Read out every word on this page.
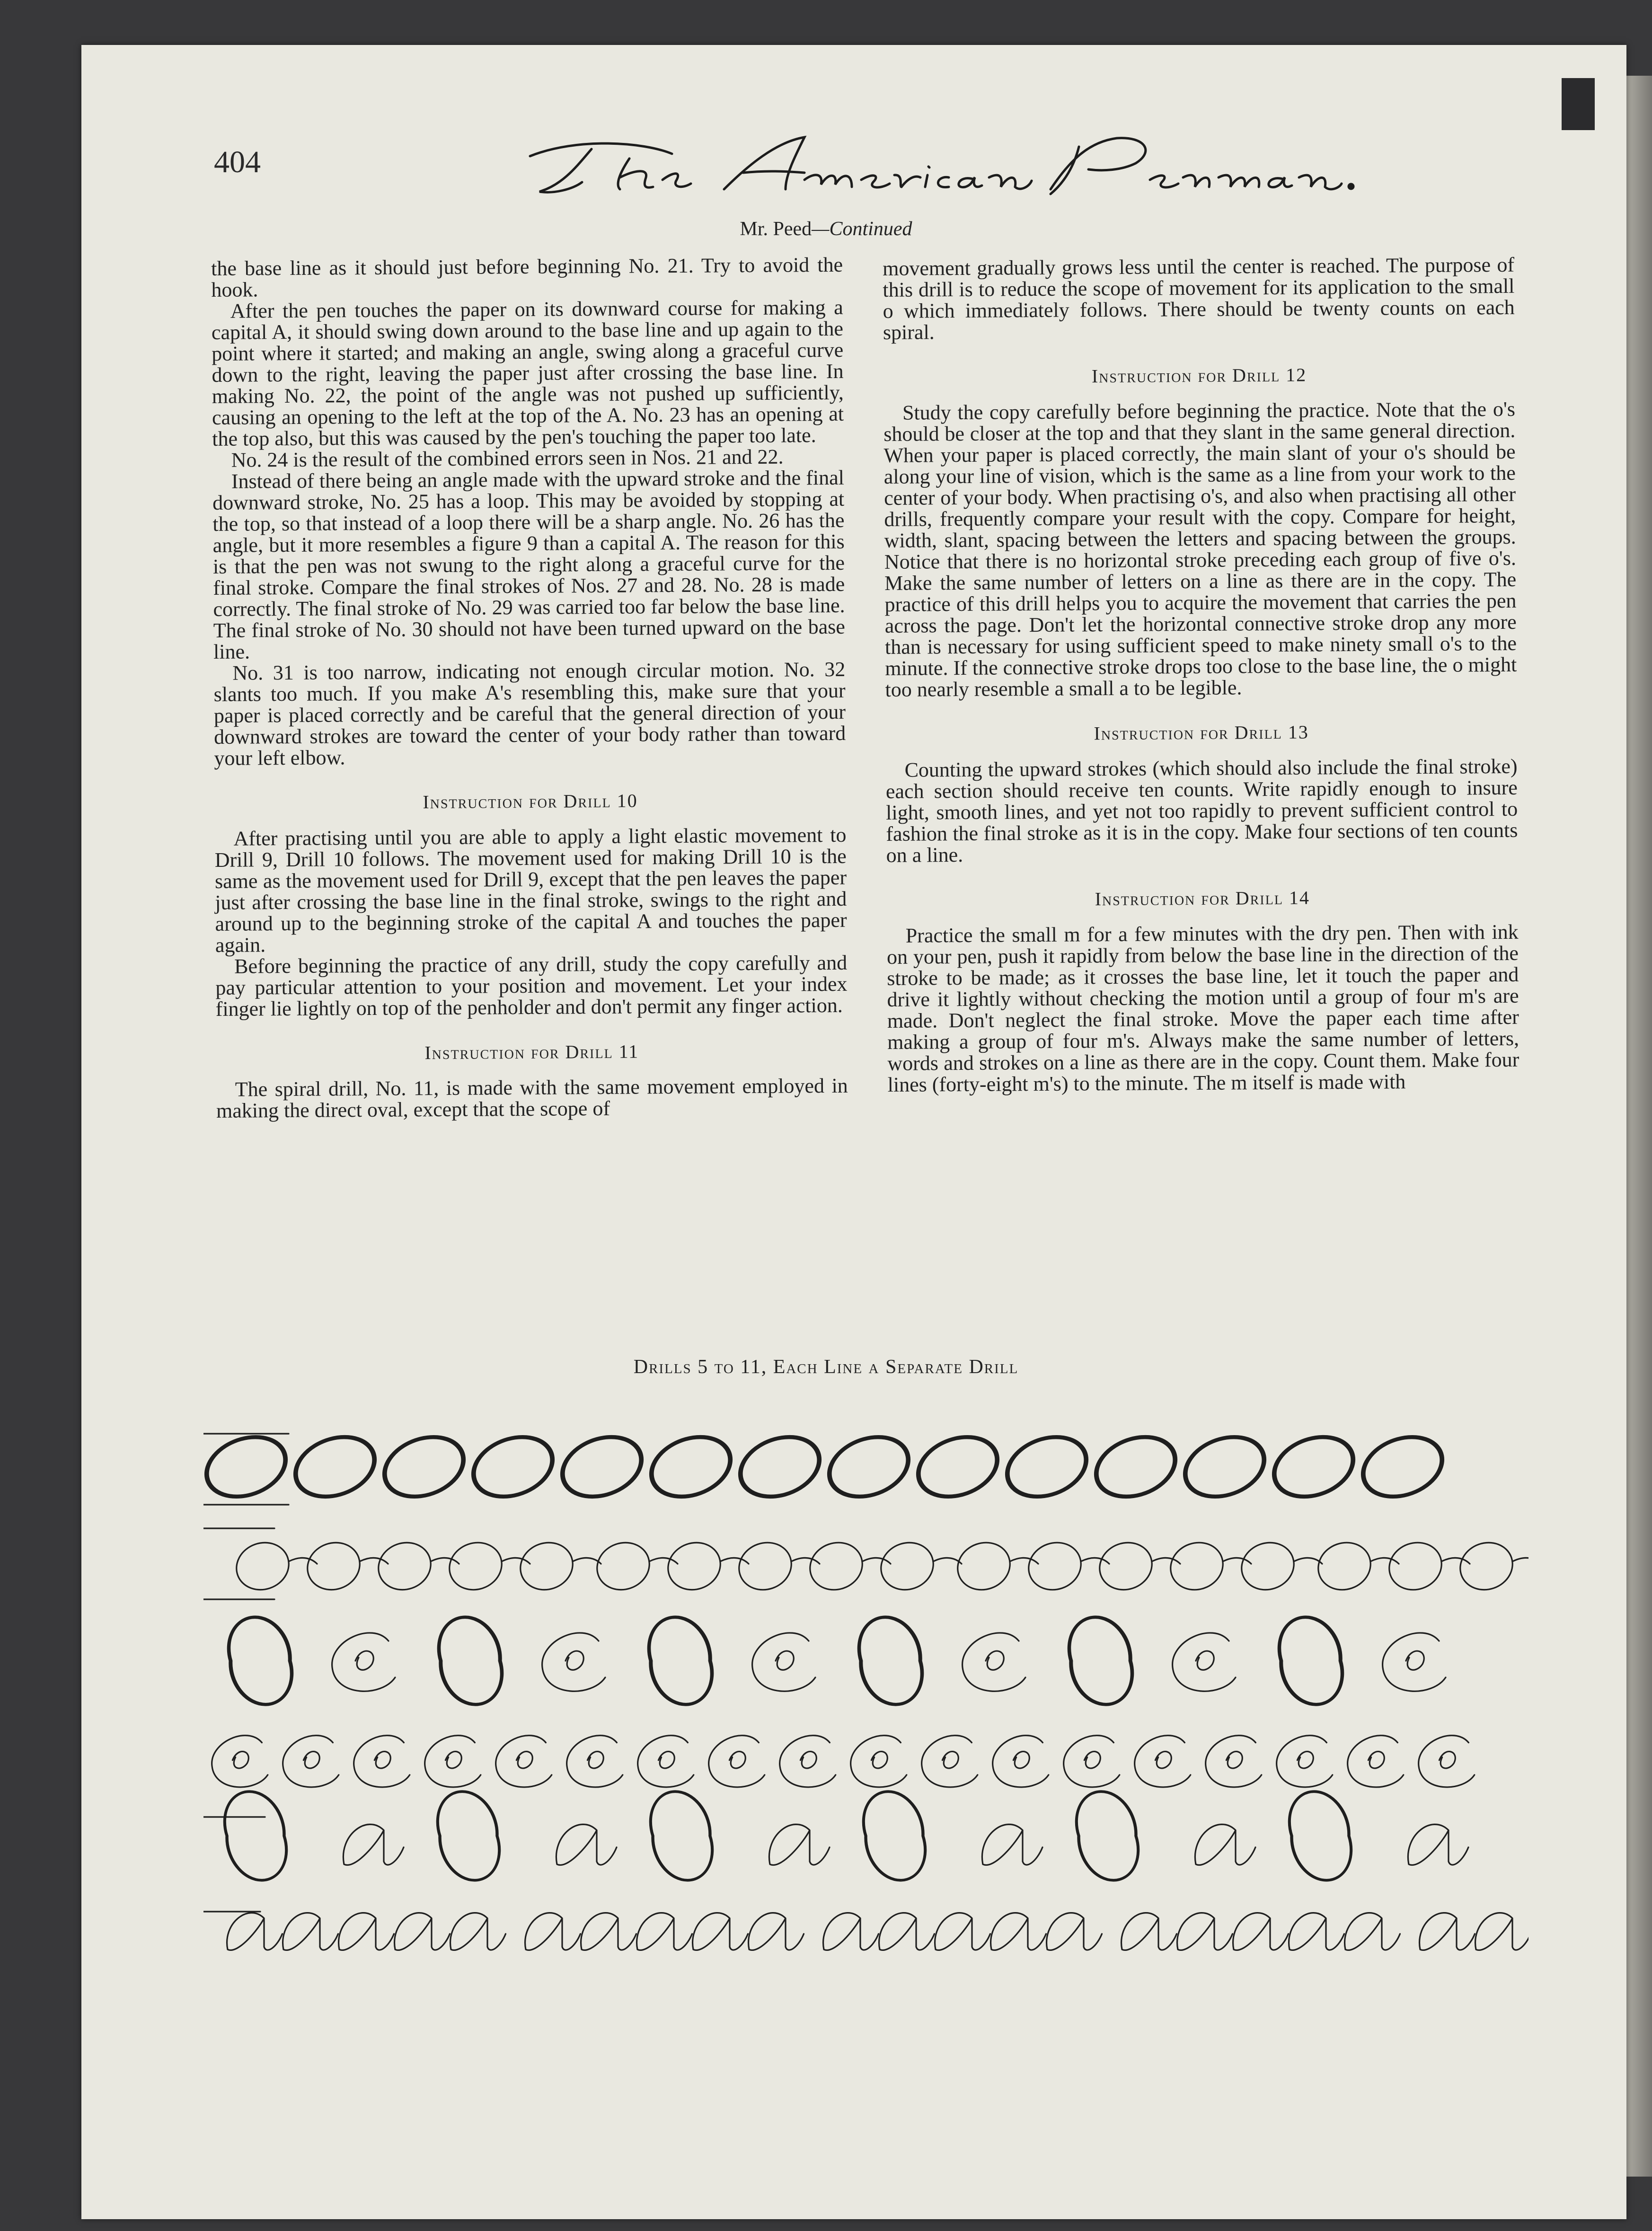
404
Mr. Peed—Continued

the base line as it should just before beginning No. 21. Try to avoid the hook.

After the pen touches the paper on its downward course for making a capital A, it should swing down around to the base line and up again to the point where it started; and making an angle, swing along a graceful curve down to the right, leaving the paper just after crossing the base line. In making No. 22, the point of the angle was not pushed up sufficiently, causing an opening to the left at the top of the A. No. 23 has an opening at the top also, but this was caused by the pen's touching the paper too late.

No. 24 is the result of the combined errors seen in Nos. 21 and 22.

Instead of there being an angle made with the upward stroke and the final downward stroke, No. 25 has a loop. This may be avoided by stopping at the top, so that instead of a loop there will be a sharp angle. No. 26 has the angle, but it more resembles a figure 9 than a capital A. The reason for this is that the pen was not swung to the right along a graceful curve for the final stroke. Compare the final strokes of Nos. 27 and 28. No. 28 is made correctly. The final stroke of No. 29 was carried too far below the base line. The final stroke of No. 30 should not have been turned upward on the base line.

No. 31 is too narrow, indicating not enough circular motion. No. 32 slants too much. If you make A's resembling this, make sure that your paper is placed correctly and be careful that the general direction of your downward strokes are toward the center of your body rather than toward your left elbow.

Instruction for Drill 10

After practising until you are able to apply a light elastic movement to Drill 9, Drill 10 follows. The movement used for making Drill 10 is the same as the movement used for Drill 9, except that the pen leaves the paper just after crossing the base line in the final stroke, swings to the right and around up to the beginning stroke of the capital A and touches the paper again.

Before beginning the practice of any drill, study the copy carefully and pay particular attention to your position and movement. Let your index finger lie lightly on top of the penholder and don't permit any finger action.

Instruction for Drill 11

The spiral drill, No. 11, is made with the same movement employed in making the direct oval, except that the scope of

movement gradually grows less until the center is reached. The purpose of this drill is to reduce the scope of movement for its application to the small o which immediately follows. There should be twenty counts on each spiral.

Instruction for Drill 12

Study the copy carefully before beginning the practice. Note that the o's should be closer at the top and that they slant in the same general direction. When your paper is placed correctly, the main slant of your o's should be along your line of vision, which is the same as a line from your work to the center of your body. When practising o's, and also when practising all other drills, frequently compare your result with the copy. Compare for height, width, slant, spacing between the letters and spacing between the groups. Notice that there is no horizontal stroke preceding each group of five o's. Make the same number of letters on a line as there are in the copy. The practice of this drill helps you to acquire the movement that carries the pen across the page. Don't let the horizontal connective stroke drop any more than is necessary for using sufficient speed to make ninety small o's to the minute. If the connective stroke drops too close to the base line, the o might too nearly resemble a small a to be legible.

Instruction for Drill 13

Counting the upward strokes (which should also include the final stroke) each section should receive ten counts. Write rapidly enough to insure light, smooth lines, and yet not too rapidly to prevent sufficient control to fashion the final stroke as it is in the copy. Make four sections of ten counts on a line.

Instruction for Drill 14

Practice the small m for a few minutes with the dry pen. Then with ink on your pen, push it rapidly from below the base line in the direction of the stroke to be made; as it crosses the base line, let it touch the paper and drive it lightly without checking the motion until a group of four m's are made. Don't neglect the final stroke. Move the paper each time after making a group of four m's. Always make the same number of letters, words and strokes on a line as there are in the copy. Count them. Make four lines (forty-eight m's) to the minute. The m itself is made with

Drills 5 to 11, Each Line a Separate Drill
